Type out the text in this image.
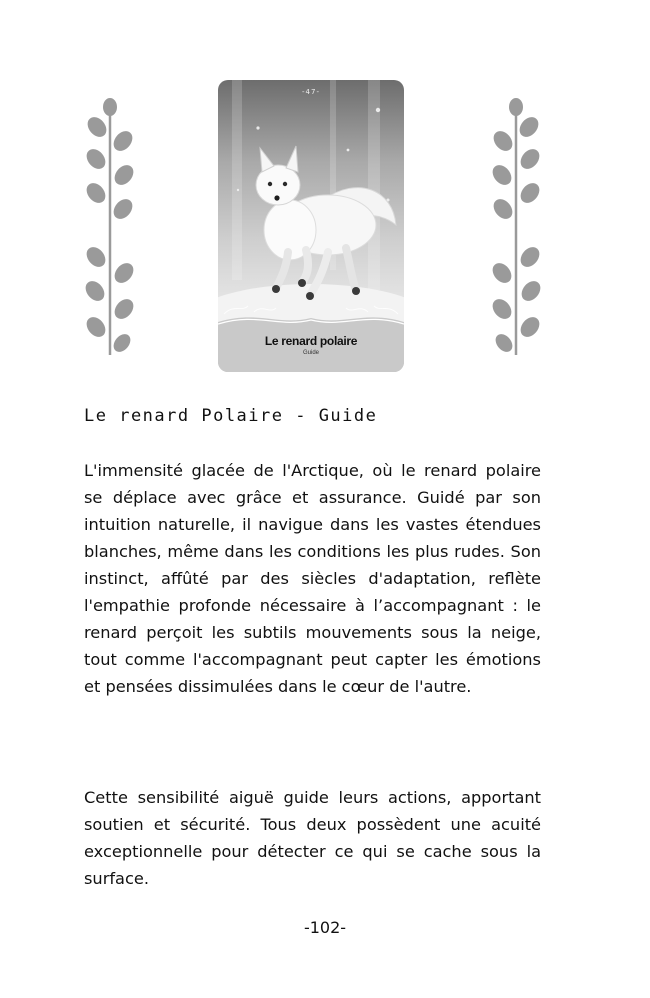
-47-
Le renard polaire
Guide
Le renard Polaire - Guide
L'immensité glacée de l'Arctique, où le renard polaire se déplace avec grâce et assurance. Guidé par son intuition naturelle, il navigue dans les vastes étendues blanches, même dans les conditions les plus rudes. Son instinct, affûté par des siècles d'adaptation, reflète l'empathie profonde nécessaire à l’accompagnant : le renard perçoit les subtils mouvements sous la neige, tout comme l'accompagnant peut capter les émotions et pensées dissimulées dans le cœur de l'autre.
Cette sensibilité aiguë guide leurs actions, apportant soutien et sécurité. Tous deux possèdent une acuité exceptionnelle pour détecter ce qui se cache sous la surface.
-102-
